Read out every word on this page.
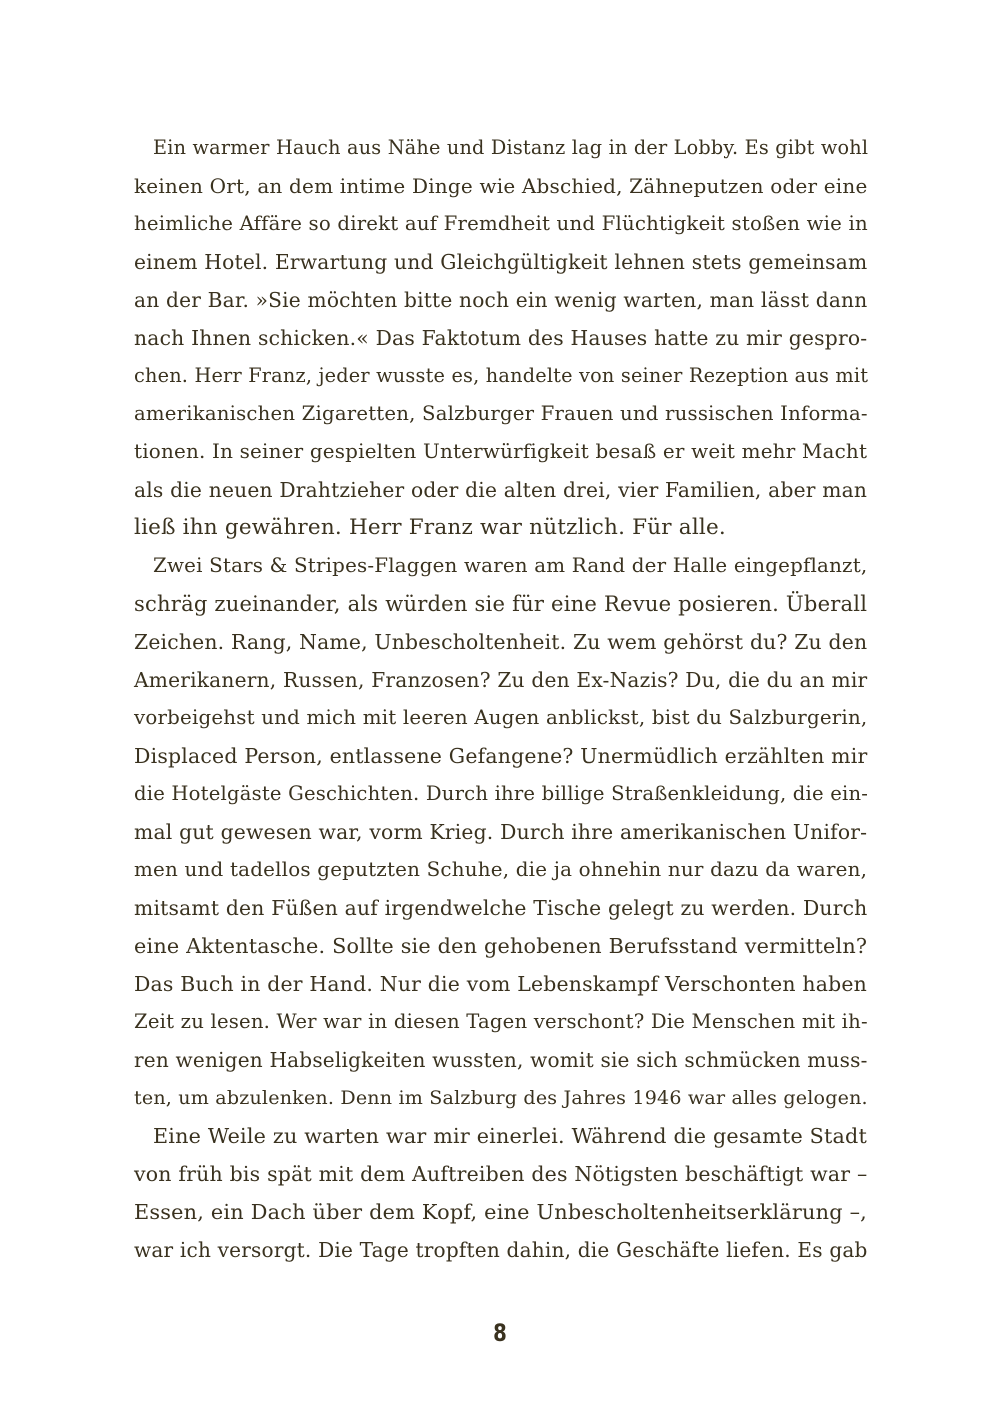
Ein warmer Hauch aus Nähe und Distanz lag in der Lobby. Es gibt wohl
keinen Ort, an dem intime Dinge wie Abschied, Zähneputzen oder eine
heimliche Affäre so direkt auf Fremdheit und Flüchtigkeit stoßen wie in
einem Hotel. Erwartung und Gleichgültigkeit lehnen stets gemeinsam
an der Bar. »Sie möchten bitte noch ein wenig warten, man lässt dann
nach Ihnen schicken.« Das Faktotum des Hauses hatte zu mir gespro-
chen. Herr Franz, jeder wusste es, handelte von seiner Rezeption aus mit
amerikanischen Zigaretten, Salzburger Frauen und russischen Informa-
tionen. In seiner gespielten Unterwürfigkeit besaß er weit mehr Macht
als die neuen Drahtzieher oder die alten drei, vier Familien, aber man
ließ ihn gewähren. Herr Franz war nützlich. Für alle.
Zwei Stars & Stripes-Flaggen waren am Rand der Halle eingepflanzt,
schräg zueinander, als würden sie für eine Revue posieren. Überall
Zeichen. Rang, Name, Unbescholtenheit. Zu wem gehörst du? Zu den
Amerikanern, Russen, Franzosen? Zu den Ex-Nazis? Du, die du an mir
vorbeigehst und mich mit leeren Augen anblickst, bist du Salzburgerin,
Displaced Person, entlassene Gefangene? Unermüdlich erzählten mir
die Hotelgäste Geschichten. Durch ihre billige Straßenkleidung, die ein-
mal gut gewesen war, vorm Krieg. Durch ihre amerikanischen Unifor-
men und tadellos geputzten Schuhe, die ja ohnehin nur dazu da waren,
mitsamt den Füßen auf irgendwelche Tische gelegt zu werden. Durch
eine Aktentasche. Sollte sie den gehobenen Berufsstand vermitteln?
Das Buch in der Hand. Nur die vom Lebenskampf Verschonten haben
Zeit zu lesen. Wer war in diesen Tagen verschont? Die Menschen mit ih-
ren wenigen Habseligkeiten wussten, womit sie sich schmücken muss-
ten, um abzulenken. Denn im Salzburg des Jahres 1946 war alles gelogen.
Eine Weile zu warten war mir einerlei. Während die gesamte Stadt
von früh bis spät mit dem Auftreiben des Nötigsten beschäftigt war –
Essen, ein Dach über dem Kopf, eine Unbescholtenheitserklärung –,
war ich versorgt. Die Tage tropften dahin, die Geschäfte liefen. Es gab
8
